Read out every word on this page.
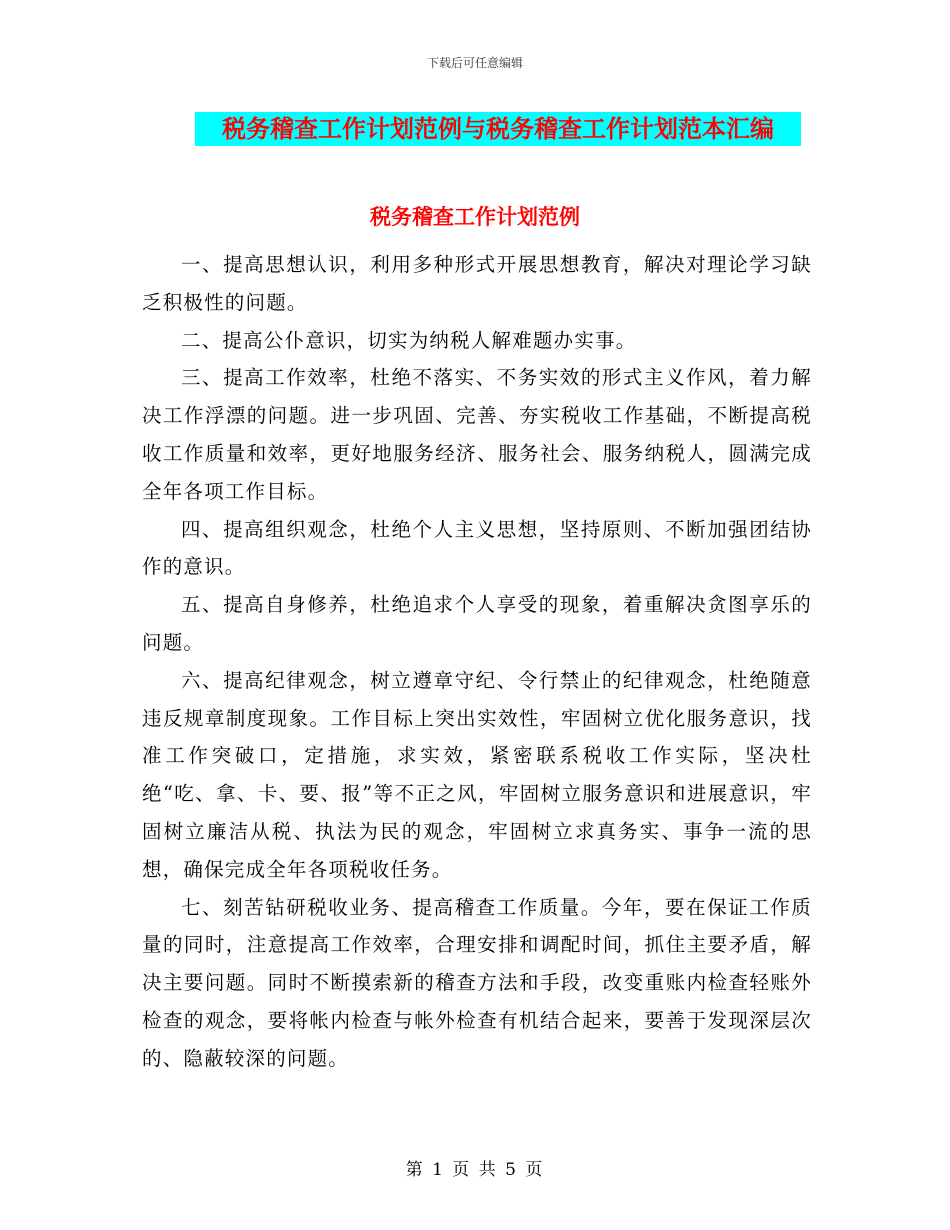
下载后可任意编辑
税务稽查工作计划范例与税务稽查工作计划范本汇编
税务稽查工作计划范例

一、提高思想认识，利用多种形式开展思想教育，解决对理论学习缺乏积极性的问题。

二、提高公仆意识，切实为纳税人解难题办实事。

三、提高工作效率，杜绝不落实、不务实效的形式主义作风，着力解决工作浮漂的问题。进一步巩固、完善、夯实税收工作基础，不断提高税收工作质量和效率，更好地服务经济、服务社会、服务纳税人，圆满完成全年各项工作目标。

四、提高组织观念，杜绝个人主义思想，坚持原则、不断加强团结协作的意识。

五、提高自身修养，杜绝追求个人享受的现象，着重解决贪图享乐的问题。

六、提高纪律观念，树立遵章守纪、令行禁止的纪律观念，杜绝随意违反规章制度现象。工作目标上突出实效性，牢固树立优化服务意识，找准工作突破口，定措施，求实效，紧密联系税收工作实际，坚决杜绝“吃、拿、卡、要、报”等不正之风，牢固树立服务意识和进展意识，牢固树立廉洁从税、执法为民的观念，牢固树立求真务实、事争一流的思想，确保完成全年各项税收任务。

七、刻苦钻研税收业务、提高稽查工作质量。今年，要在保证工作质量的同时，注意提高工作效率，合理安排和调配时间，抓住主要矛盾，解决主要问题。同时不断摸索新的稽查方法和手段，改变重账内检查轻账外检查的观念，要将帐内检查与帐外检查有机结合起来，要善于发现深层次的、隐蔽较深的问题。

第 1 页 共 5 页
